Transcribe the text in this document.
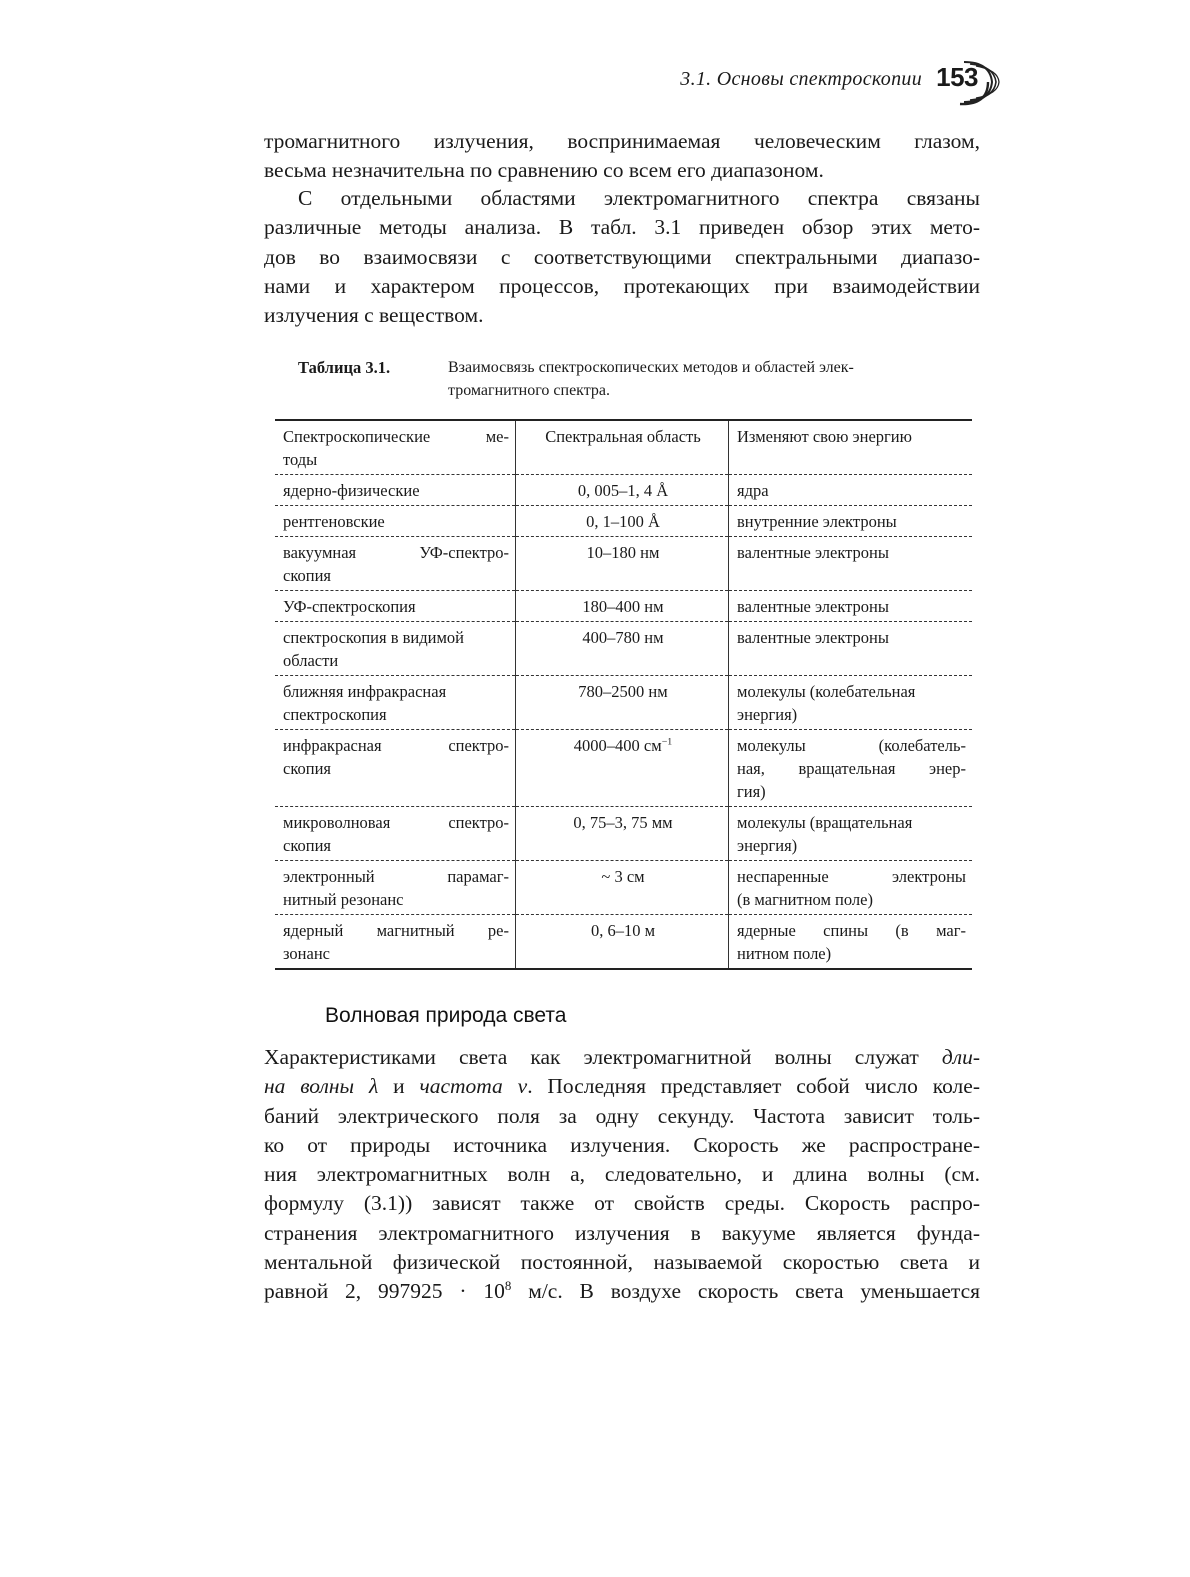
3.1. Основы спектроскопии 153
тромагнитного излучения, воспринимаемая человеческим глазом,
весьма незначительна по сравнению со всем его диапазоном.
С отдельными областями электромагнитного спектра связаны
различные методы анализа. В табл. 3.1 приведен обзор этих мето-
дов во взаимосвязи с соответствующими спектральными диапазо-
нами и характером процессов, протекающих при взаимодействии
излучения с веществом.
Таблица 3.1.	Взаимосвязь спектроскопических методов и областей элек-
тромагнитного спектра.
Спектроскопические ме-
тоды	Спектральная область	Изменяют свою энергию

ядерно-физические	0, 005–1, 4 Å	ядра

рентгеновские	0, 1–100 Å	внутренние электроны

вакуумная УФ-спектро-
скопия	10–180 нм	валентные электроны

УФ-спектроскопия	180–400 нм	валентные электроны

спектроскопия в видимой
области	400–780 нм	валентные электроны

ближняя инфракрасная
спектроскопия	780–2500 нм	молекулы (колебательная
энергия)

инфракрасная спектро-
скопия	4000–400 $см^{-1}$	молекулы (колебатель-
ная, вращательная энер-
гия)

микроволновая спектро-
скопия	0, 75–3, 75 мм	молекулы (вращательная
энергия)

электронный парамаг-
нитный резонанс	~ 3 см	неспаренные электроны
(в магнитном поле)

ядерный магнитный ре-
зонанс	0, 6–10 м	ядерные спины (в маг-
нитном поле)
Волновая природа света
Характеристиками света как электромагнитной волны служат дли-
на волны λ и частота ν. Последняя представляет собой число коле-
баний электрического поля за одну секунду. Частота зависит толь-
ко от природы источника излучения. Скорость же распростране-
ния электромагнитных волн а, следовательно, и длина волны (см.
формулу (3.1)) зависят также от свойств среды. Скорость распро-
странения электромагнитного излучения в вакууме является фунда-
ментальной физической постоянной, называемой скоростью света и
равной 2, $997925 \cdot 10^8$ м/с. В воздухе скорость света уменьшается
